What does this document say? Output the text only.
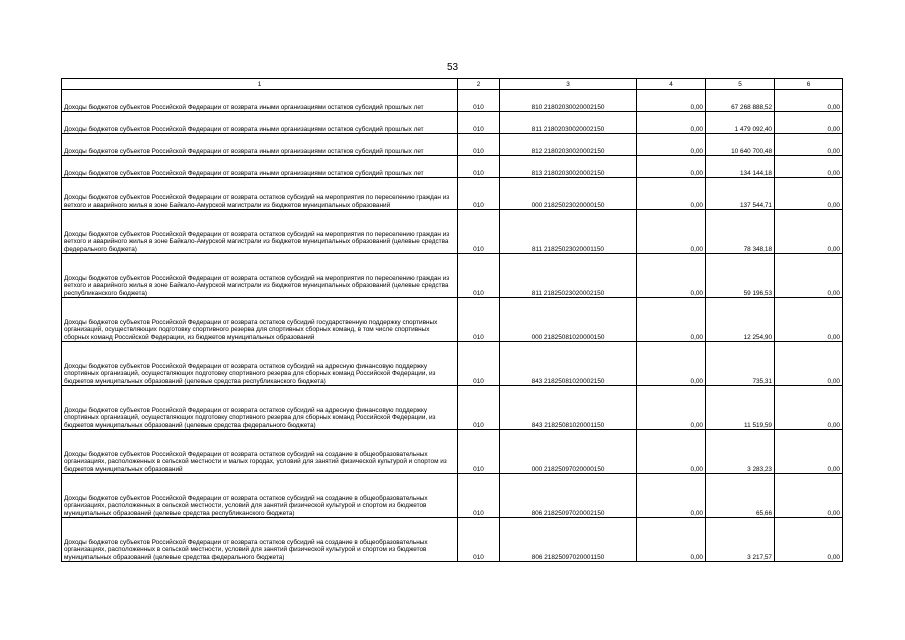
53
1	2	3	4	5	6
Доходы бюджетов субъектов Российской Федерации от возврата иными организациями остатков субсидий прошлых лет	010	810 21802030020002150	0,00	67 268 888,52	0,00
Доходы бюджетов субъектов Российской Федерации от возврата иными организациями остатков субсидий прошлых лет	010	811 21802030020002150	0,00	1 479 092,40	0,00
Доходы бюджетов субъектов Российской Федерации от возврата иными организациями остатков субсидий прошлых лет	010	812 21802030020002150	0,00	10 640 700,48	0,00
Доходы бюджетов субъектов Российской Федерации от возврата иными организациями остатков субсидий прошлых лет	010	813 21802030020002150	0,00	134 144,18	0,00
Доходы бюджетов субъектов Российской Федерации от возврата остатков субсидий на мероприятия по переселению граждан из ветхого и аварийного жилья в зоне Байкало-Амурской магистрали из бюджетов муниципальных образований	010	000 21825023020000150	0,00	137 544,71	0,00
Доходы бюджетов субъектов Российской Федерации от возврата остатков субсидий на мероприятия по переселению граждан из ветхого и аварийного жилья в зоне Байкало-Амурской магистрали из бюджетов муниципальных образований (целевые средства федерального бюджета)	010	811 21825023020001150	0,00	78 348,18	0,00
Доходы бюджетов субъектов Российской Федерации от возврата остатков субсидий на мероприятия по переселению граждан из ветхого и аварийного жилья в зоне Байкало-Амурской магистрали из бюджетов муниципальных образований (целевые средства республиканского бюджета)	010	811 21825023020002150	0,00	59 196,53	0,00
Доходы бюджетов субъектов Российской Федерации от возврата остатков субсидий государственную поддержку спортивных организаций, осуществляющих подготовку спортивного резерва для спортивных сборных команд, в том числе спортивных сборных команд Российской Федерации, из бюджетов муниципальных образований	010	000 21825081020000150	0,00	12 254,90	0,00
Доходы бюджетов субъектов Российской Федерации от возврата остатков субсидий на адресную финансовую поддержку спортивных организаций, осуществляющих подготовку спортивного резерва для сборных команд Российской Федерации, из бюджетов муниципальных образований (целевые средства республиканского бюджета)	010	843 21825081020002150	0,00	735,31	0,00
Доходы бюджетов субъектов Российской Федерации от возврата остатков субсидий на адресную финансовую поддержку спортивных организаций, осуществляющих подготовку спортивного резерва для сборных команд Российской Федерации, из бюджетов муниципальных образований (целевые средства федерального бюджета)	010	843 21825081020001150	0,00	11 519,59	0,00
Доходы бюджетов субъектов Российской Федерации от возврата остатков субсидий на создание в общеобразовательных организациях, расположенных в сельской местности и малых городах, условий для занятий физической культурой и спортом из бюджетов муниципальных образований	010	000 21825097020000150	0,00	3 283,23	0,00
Доходы бюджетов субъектов Российской Федерации от возврата остатков субсидий на создание в общеобразовательных организациях, расположенных в сельской местности, условий для занятий физической культурой и спортом из бюджетов муниципальных образований (целевые средства республиканского бюджета)	010	806 21825097020002150	0,00	65,66	0,00
Доходы бюджетов субъектов Российской Федерации от возврата остатков субсидий на создание в общеобразовательных организациях, расположенных в сельской местности, условий для занятий физической культурой и спортом из бюджетов муниципальных образований (целевые средства федерального бюджета)	010	806 21825097020001150	0,00	3 217,57	0,00
